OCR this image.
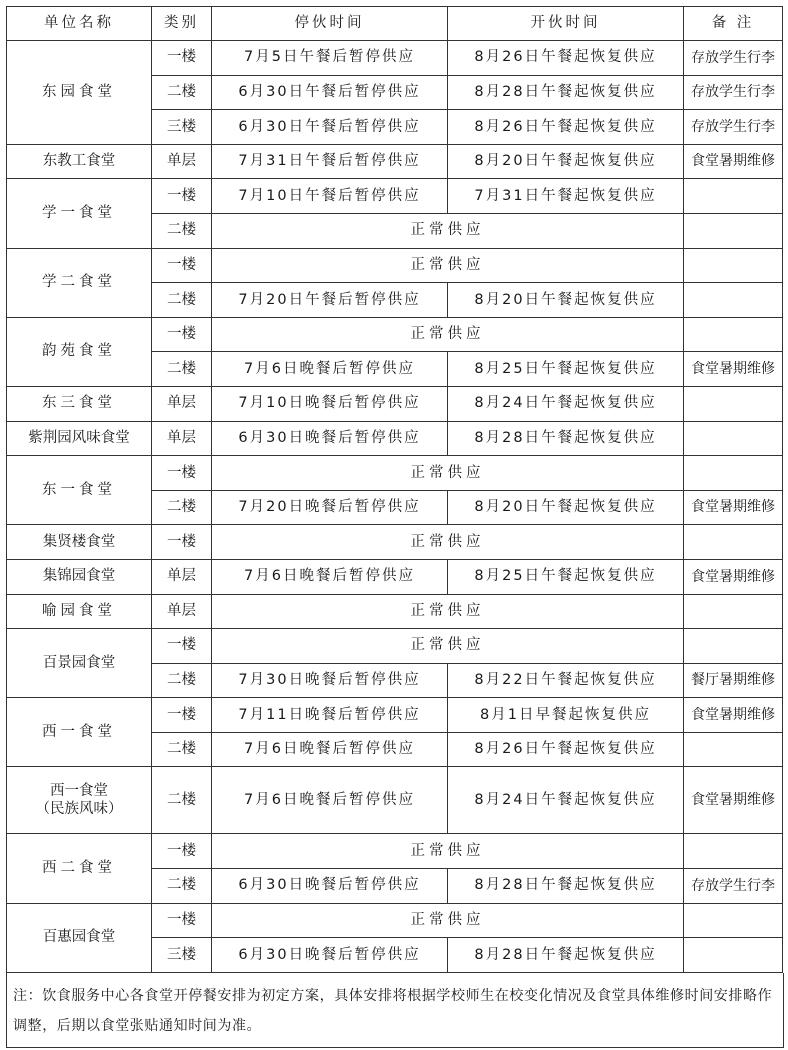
单位名称	类别	停伙时间	开伙时间	备 注
东园食堂	一楼	7月5日午餐后暂停供应	8月26日午餐起恢复供应	存放学生行李
	二楼	6月30日午餐后暂停供应	8月28日午餐起恢复供应	存放学生行李
	三楼	6月30日午餐后暂停供应	8月26日午餐起恢复供应	存放学生行李
东教工食堂	单层	7月31日午餐后暂停供应	8月20日午餐起恢复供应	食堂暑期维修
学一食堂	一楼	7月10日午餐后暂停供应	7月31日午餐起恢复供应	
	二楼	正常供应		
学二食堂	一楼	正常供应		
	二楼	7月20日午餐后暂停供应	8月20日午餐起恢复供应	
韵苑食堂	一楼	正常供应		
	二楼	7月6日晚餐后暂停供应	8月25日午餐起恢复供应	食堂暑期维修
东三食堂	单层	7月10日晚餐后暂停供应	8月24日午餐起恢复供应	
紫荆园风味食堂	单层	6月30日晚餐后暂停供应	8月28日午餐起恢复供应	
东一食堂	一楼	正常供应		
	二楼	7月20日晚餐后暂停供应	8月20日午餐起恢复供应	食堂暑期维修
集贤楼食堂	一楼	正常供应		
集锦园食堂	单层	7月6日晚餐后暂停供应	8月25日午餐起恢复供应	食堂暑期维修
喻园食堂	单层	正常供应		
百景园食堂	一楼	正常供应		
	二楼	7月30日晚餐后暂停供应	8月22日午餐起恢复供应	餐厅暑期维修
西一食堂	一楼	7月11日晚餐后暂停供应	8月1日早餐起恢复供应	食堂暑期维修
	二楼	7月6日晚餐后暂停供应	8月26日午餐起恢复供应	
西一食堂
（民族风味）	二楼	7月6日晚餐后暂停供应	8月24日午餐起恢复供应	食堂暑期维修
西二食堂	一楼	正常供应		
	二楼	6月30日晚餐后暂停供应	8月28日午餐起恢复供应	存放学生行李
百惠园食堂	一楼	正常供应		
	三楼	6月30日晚餐后暂停供应	8月28日午餐起恢复供应	
注：饮食服务中心各食堂开停餐安排为初定方案，具体安排将根据学校师生在校变化情况及食堂具体维修时间安排略作调整，后期以食堂张贴通知时间为准。
